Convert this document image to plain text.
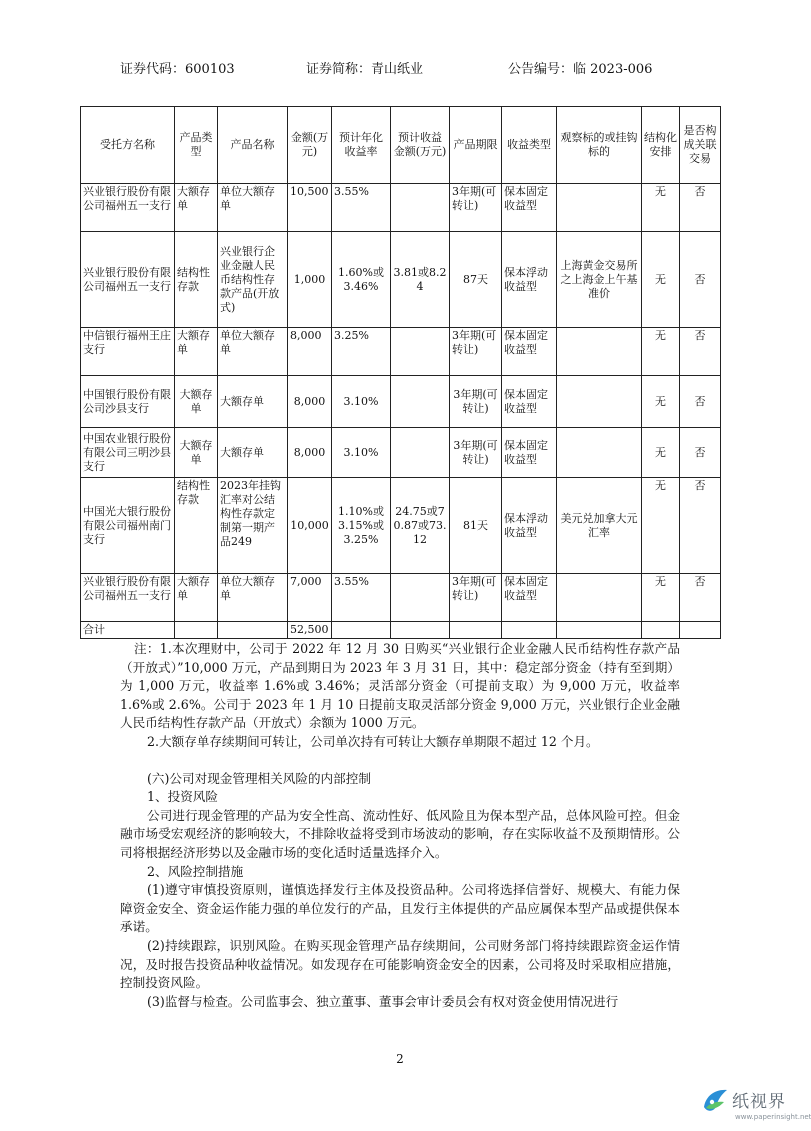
证券代码：600103	证券简称：青山纸业	公告编号：临 2023-006
受托方名称	产品类型	产品名称	金额(万元)	预计年化收益率	预计收益金额(万元)	产品期限	收益类型	观察标的或挂钩标的	结构化安排	是否构成关联交易
兴业银行股份有限公司福州五一支行	大额存单	单位大额存单	10,500	3.55%		3年期(可转让)	保本固定收益型		无	否
兴业银行股份有限公司福州五一支行	结构性存款	兴业银行企业金融人民币结构性存款产品(开放式)	1,000	1.60%或3.46%	3.81或8.24	87天	保本浮动收益型	上海黄金交易所之上海金上午基准价	无	否
中信银行福州王庄支行	大额存单	单位大额存单	8,000	3.25%		3年期(可转让)	保本固定收益型		无	否
中国银行股份有限公司沙县支行	大额存单	大额存单	8,000	3.10%		3年期(可转让)	保本固定收益型		无	否
中国农业银行股份有限公司三明沙县支行	大额存单	大额存单	8,000	3.10%		3年期(可转让)	保本固定收益型		无	否
中国光大银行股份有限公司福州南门支行	结构性存款	2023年挂钩汇率对公结构性存款定制第一期产品249	10,000	1.10%或3.15%或3.25%	24.75或70.87或73.12	81天	保本浮动收益型	美元兑加拿大元汇率	无	否
兴业银行股份有限公司福州五一支行	大额存单	单位大额存单	7,000	3.55%		3年期(可转让)	保本固定收益型		无	否
合计			52,500							

注：1.本次理财中，公司于 2022 年 12 月 30 日购买“兴业银行企业金融人民币结构性存款产品（开放式）”10,000 万元，产品到期日为 2023 年 3 月 31 日，其中：稳定部分资金（持有至到期）为 1,000 万元，收益率 1.6%或 3.46%；灵活部分资金（可提前支取）为 9,000 万元，收益率 1.6%或 2.6%。公司于 2023 年 1 月 10 日提前支取灵活部分资金 9,000 万元，兴业银行企业金融人民币结构性存款产品（开放式）余额为 1000 万元。

2.大额存单存续期间可转让，公司单次持有可转让大额存单期限不超过 12 个月。

(六)公司对现金管理相关风险的内部控制

1、投资风险

公司进行现金管理的产品为安全性高、流动性好、低风险且为保本型产品，总体风险可控。但金融市场受宏观经济的影响较大，不排除收益将受到市场波动的影响，存在实际收益不及预期情形。公司将根据经济形势以及金融市场的变化适时适量选择介入。

2、风险控制措施

(1)遵守审慎投资原则，谨慎选择发行主体及投资品种。公司将选择信誉好、规模大、有能力保障资金安全、资金运作能力强的单位发行的产品，且发行主体提供的产品应属保本型产品或提供保本承诺。

(2)持续跟踪，识别风险。在购买现金管理产品存续期间，公司财务部门将持续跟踪资金运作情况，及时报告投资品种收益情况。如发现存在可能影响资金安全的因素，公司将及时采取相应措施，控制投资风险。

(3)监督与检查。公司监事会、独立董事、董事会审计委员会有权对资金使用情况进行

2
纸视界
www.paperinsight.net
